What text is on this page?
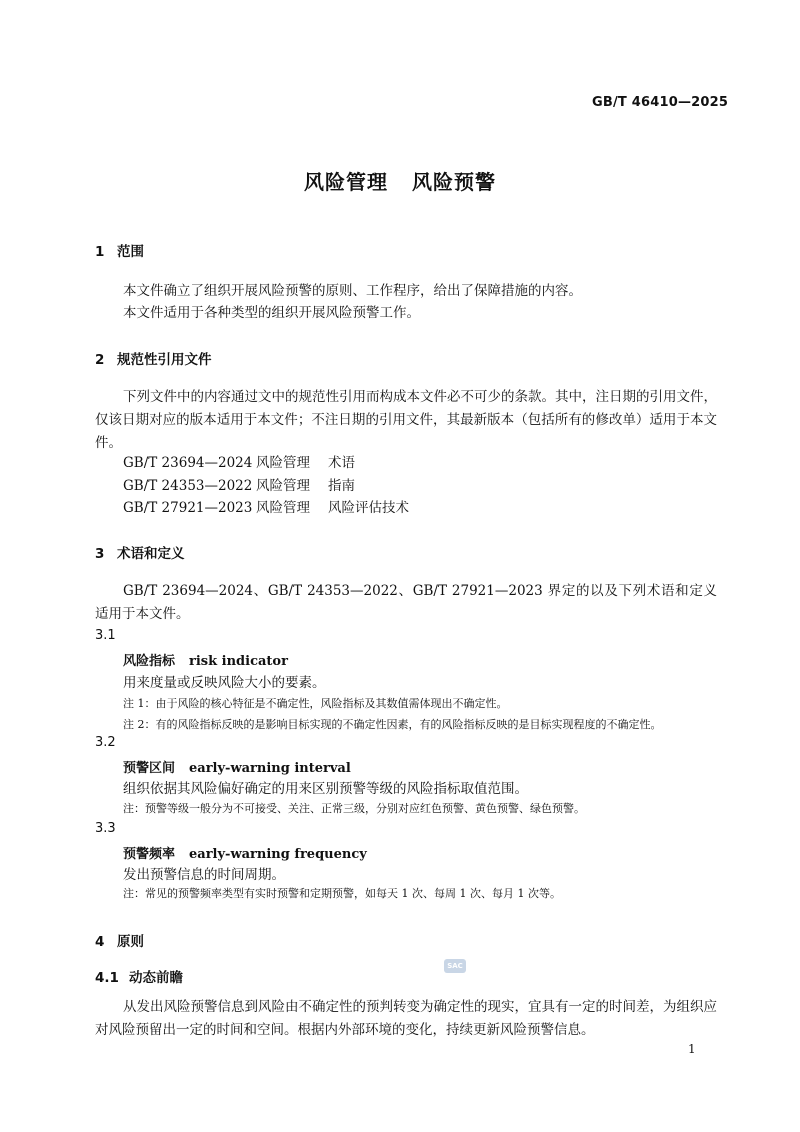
GB/T 46410—2025
风险管理 风险预警
1 范围
本文件确立了组织开展风险预警的原则、工作程序，给出了保障措施的内容。
本文件适用于各种类型的组织开展风险预警工作。
2 规范性引用文件
下列文件中的内容通过文中的规范性引用而构成本文件必不可少的条款。其中，注日期的引用文件，仅该日期对应的版本适用于本文件；不注日期的引用文件，其最新版本（包括所有的修改单）适用于本文件。
GB/T 23694—2024 风险管理 术语
GB/T 24353—2022 风险管理 指南
GB/T 27921—2023 风险管理 风险评估技术
3 术语和定义
GB/T 23694—2024、GB/T 24353—2022、GB/T 27921—2023 界定的以及下列术语和定义适用于本文件。
3.1
风险指标 risk indicator
用来度量或反映风险大小的要素。
注 1：由于风险的核心特征是不确定性，风险指标及其数值需体现出不确定性。
注 2：有的风险指标反映的是影响目标实现的不确定性因素，有的风险指标反映的是目标实现程度的不确定性。
3.2
预警区间 early-warning interval
组织依据其风险偏好确定的用来区别预警等级的风险指标取值范围。
注：预警等级一般分为不可接受、关注、正常三级，分别对应红色预警、黄色预警、绿色预警。
3.3
预警频率 early-warning frequency
发出预警信息的时间周期。
注：常见的预警频率类型有实时预警和定期预警，如每天 1 次、每周 1 次、每月 1 次等。
4 原则
4.1 动态前瞻
SAC
从发出风险预警信息到风险由不确定性的预判转变为确定性的现实，宜具有一定的时间差，为组织应对风险预留出一定的时间和空间。根据内外部环境的变化，持续更新风险预警信息。
1
